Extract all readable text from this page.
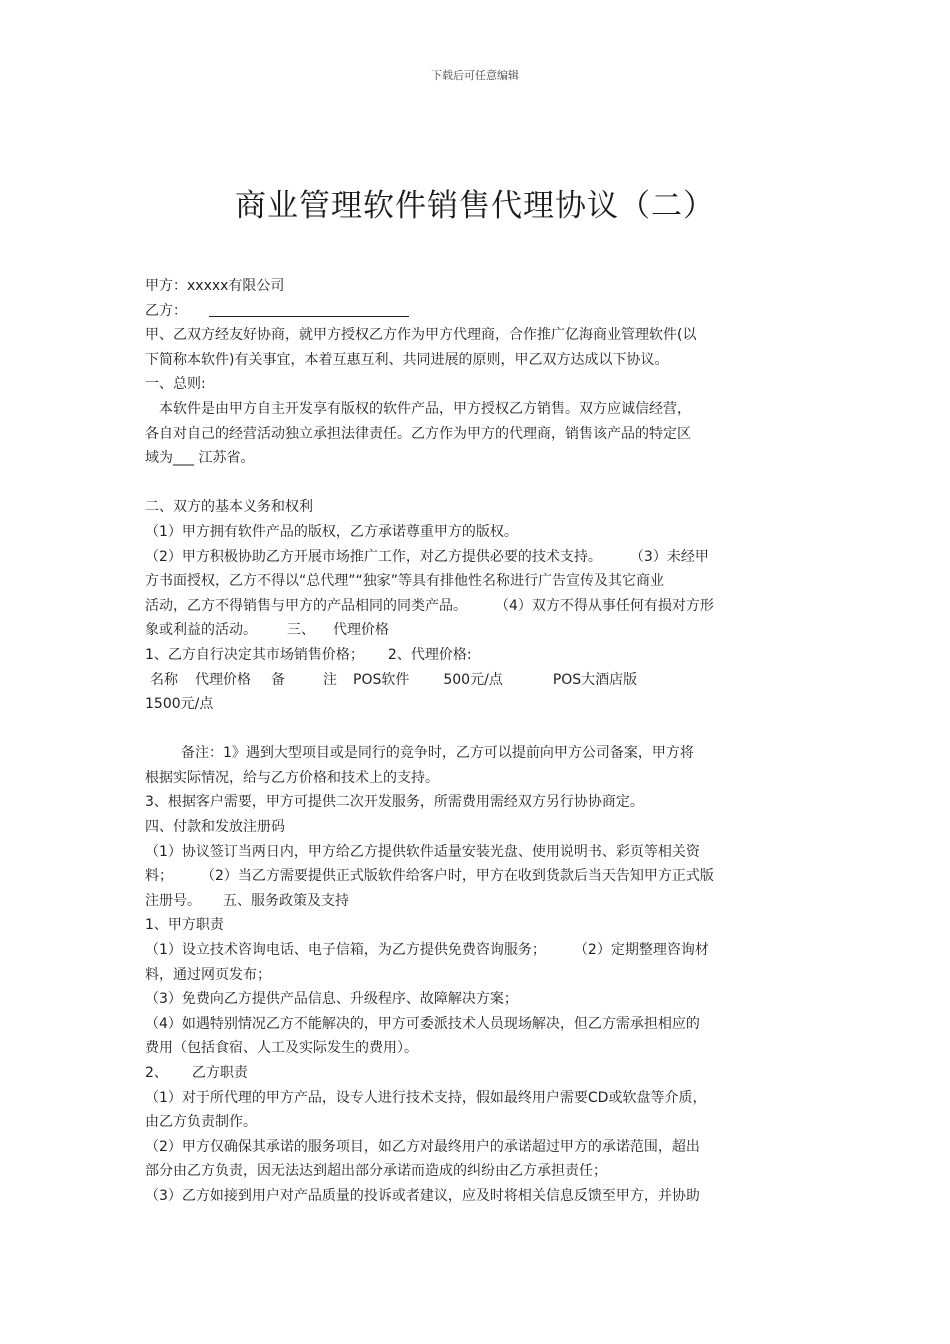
下载后可任意编辑
商业管理软件销售代理协议（二）
甲方：xxxxx有限公司
乙方：
甲、乙双方经友好协商，就甲方授权乙方作为甲方代理商，合作推广亿海商业管理软件(以
下简称本软件)有关事宜，本着互惠互利、共同进展的原则，甲乙双方达成以下协议。
一、总则:
本软件是由甲方自主开发享有版权的软件产品，甲方授权乙方销售。双方应诚信经营，
各自对自己的经营活动独立承担法律责任。乙方作为甲方的代理商，销售该产品的特定区
域为___ 江苏省。
二、双方的基本义务和权利
（1）甲方拥有软件产品的版权，乙方承诺尊重甲方的版权。
（2）甲方积极协助乙方开展市场推广工作，对乙方提供必要的技术支持。 （3）未经甲
方书面授权，乙方不得以“总代理”“独家”等具有排他性名称进行广告宣传及其它商业
活动，乙方不得销售与甲方的产品相同的同类产品。 （4）双方不得从事任何有损对方形
象或利益的活动。 三、 代理价格
1、乙方自行决定其市场销售价格； 2、代理价格:
名称 代理价格 备	注 POS软件 500元/点	POS大酒店版
1500元/点
备注：1》遇到大型项目或是同行的竞争时，乙方可以提前向甲方公司备案，甲方将
根据实际情况，给与乙方价格和技术上的支持。
3、根据客户需要，甲方可提供二次开发服务，所需费用需经双方另行协协商定。
四、付款和发放注册码
（1）协议签订当两日内，甲方给乙方提供软件适量安装光盘、使用说明书、彩页等相关资
料； （2）当乙方需要提供正式版软件给客户时，甲方在收到货款后当天告知甲方正式版
注册号。 五、服务政策及支持
1、甲方职责
（1）设立技术咨询电话、电子信箱，为乙方提供免费咨询服务； （2）定期整理咨询材
料，通过网页发布；
（3）免费向乙方提供产品信息、升级程序、故障解决方案；
（4）如遇特别情况乙方不能解决的，甲方可委派技术人员现场解决，但乙方需承担相应的
费用（包括食宿、人工及实际发生的费用）。
2、 乙方职责
（1）对于所代理的甲方产品，设专人进行技术支持，假如最终用户需要CD或软盘等介质，
由乙方负责制作。
（2）甲方仅确保其承诺的服务项目，如乙方对最终用户的承诺超过甲方的承诺范围，超出
部分由乙方负责，因无法达到超出部分承诺而造成的纠纷由乙方承担责任；
（3）乙方如接到用户对产品质量的投诉或者建议，应及时将相关信息反馈至甲方，并协助
